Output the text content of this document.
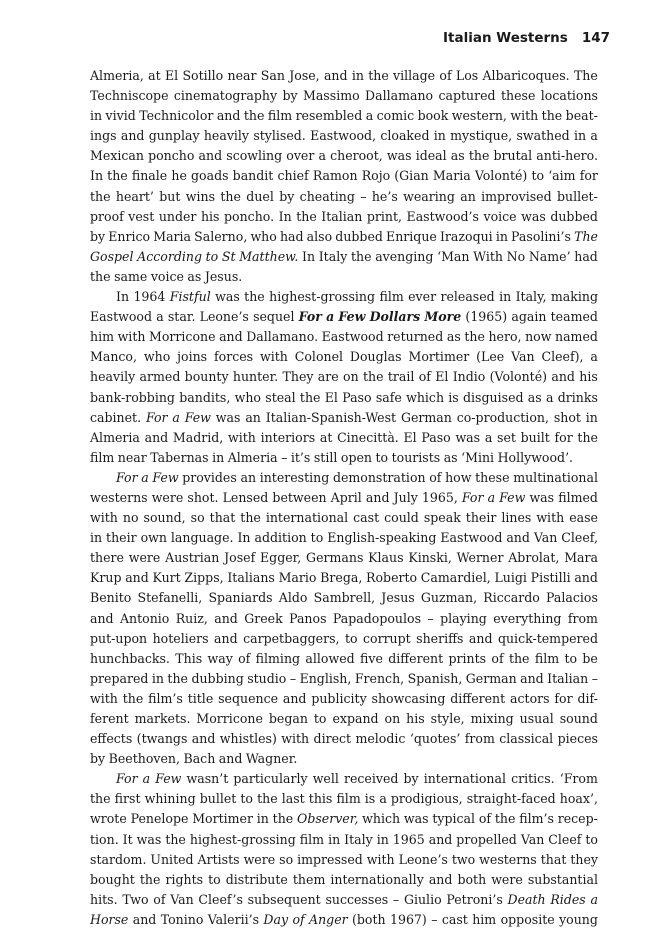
Italian Westerns 147
Almeria, at El Sotillo near San Jose, and in the village of Los Albaricoques. The
Techniscope cinematography by Massimo Dallamano captured these locations
in vivid Technicolor and the film resembled a comic book western, with the beat-
ings and gunplay heavily stylised. Eastwood, cloaked in mystique, swathed in a
Mexican poncho and scowling over a cheroot, was ideal as the brutal anti-hero.
In the finale he goads bandit chief Ramon Rojo (Gian Maria Volonté) to ‘aim for
the heart’ but wins the duel by cheating – he’s wearing an improvised bullet-
proof vest under his poncho. In the Italian print, Eastwood’s voice was dubbed
by Enrico Maria Salerno, who had also dubbed Enrique Irazoqui in Pasolini’s The
Gospel According to St Matthew. In Italy the avenging ‘Man With No Name’ had
the same voice as Jesus.
In 1964 Fistful was the highest-grossing film ever released in Italy, making
Eastwood a star. Leone’s sequel For a Few Dollars More (1965) again teamed
him with Morricone and Dallamano. Eastwood returned as the hero, now named
Manco, who joins forces with Colonel Douglas Mortimer (Lee Van Cleef), a
heavily armed bounty hunter. They are on the trail of El Indio (Volonté) and his
bank-robbing bandits, who steal the El Paso safe which is disguised as a drinks
cabinet. For a Few was an Italian-Spanish-West German co-production, shot in
Almeria and Madrid, with interiors at Cinecittà. El Paso was a set built for the
film near Tabernas in Almeria – it’s still open to tourists as ‘Mini Hollywood’.
For a Few provides an interesting demonstration of how these multinational
westerns were shot. Lensed between April and July 1965, For a Few was filmed
with no sound, so that the international cast could speak their lines with ease
in their own language. In addition to English-speaking Eastwood and Van Cleef,
there were Austrian Josef Egger, Germans Klaus Kinski, Werner Abrolat, Mara
Krup and Kurt Zipps, Italians Mario Brega, Roberto Camardiel, Luigi Pistilli and
Benito Stefanelli, Spaniards Aldo Sambrell, Jesus Guzman, Riccardo Palacios
and Antonio Ruiz, and Greek Panos Papadopoulos – playing everything from
put-upon hoteliers and carpetbaggers, to corrupt sheriffs and quick-tempered
hunchbacks. This way of filming allowed five different prints of the film to be
prepared in the dubbing studio – English, French, Spanish, German and Italian –
with the film’s title sequence and publicity showcasing different actors for dif-
ferent markets. Morricone began to expand on his style, mixing usual sound
effects (twangs and whistles) with direct melodic ‘quotes’ from classical pieces
by Beethoven, Bach and Wagner.
For a Few wasn’t particularly well received by international critics. ‘From
the first whining bullet to the last this film is a prodigious, straight-faced hoax’,
wrote Penelope Mortimer in the Observer, which was typical of the film’s recep-
tion. It was the highest-grossing film in Italy in 1965 and propelled Van Cleef to
stardom. United Artists were so impressed with Leone’s two westerns that they
bought the rights to distribute them internationally and both were substantial
hits. Two of Van Cleef’s subsequent successes – Giulio Petroni’s Death Rides a
Horse and Tonino Valerii’s Day of Anger (both 1967) – cast him opposite young
